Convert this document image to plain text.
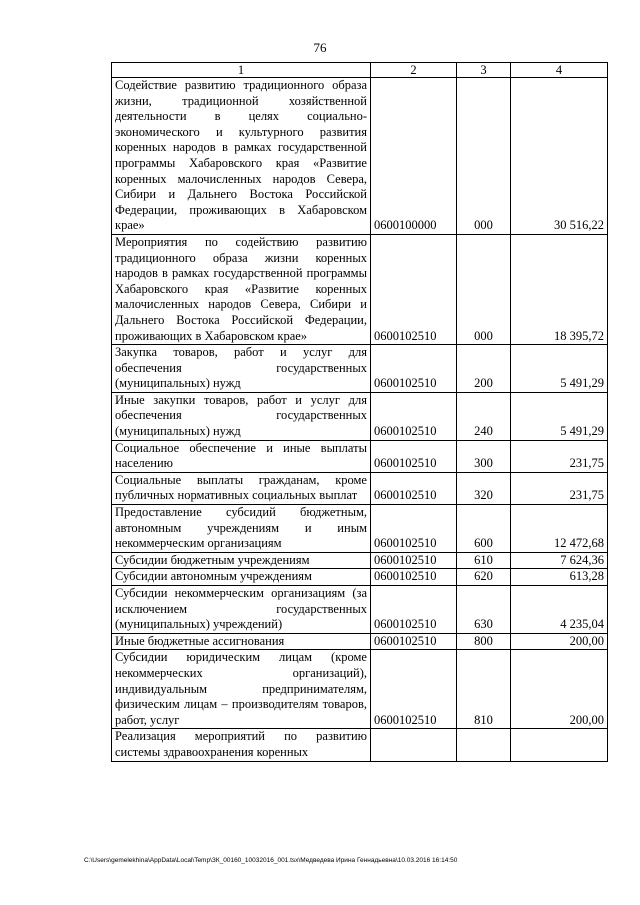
76
1	2	3	4
Содействие развитию традиционного образа жизни, традиционной хозяйственной деятельности в целях социально-экономического и культурного развития коренных народов в рамках государственной программы Хабаровского края «Развитие коренных малочисленных народов Севера, Сибири и Дальнего Востока Российской Федерации, проживающих в Хабаровском крае»	0600100000	000	30 516,22
Мероприятия по содействию развитию традиционного образа жизни коренных народов в рамках государственной программы Хабаровского края «Развитие коренных малочисленных народов Севера, Сибири и Дальнего Востока Российской Федерации, проживающих в Хабаровском крае»	0600102510	000	18 395,72
Закупка товаров, работ и услуг для обеспечения государственных (муниципальных) нужд	0600102510	200	5 491,29
Иные закупки товаров, работ и услуг для обеспечения государственных (муниципальных) нужд	0600102510	240	5 491,29
Социальное обеспечение и иные выплаты населению	0600102510	300	231,75
Социальные выплаты гражданам, кроме публичных нормативных социальных выплат	0600102510	320	231,75
Предоставление субсидий бюджетным, автономным учреждениям и иным некоммерческим организациям	0600102510	600	12 472,68
Субсидии бюджетным учреждениям	0600102510	610	7 624,36
Субсидии автономным учреждениям	0600102510	620	613,28
Субсидии некоммерческим организациям (за исключением государственных (муниципальных) учреждений)	0600102510	630	4 235,04
Иные бюджетные ассигнования	0600102510	800	200,00
Субсидии юридическим лицам (кроме некоммерческих организаций), индивидуальным предпринимателям, физическим лицам – производителям товаров, работ, услуг	0600102510	810	200,00
Реализация мероприятий по развитию системы здравоохранения коренных			
C:\Users\gemelekhina\AppData\Local\Temp\ЗК_00160_10032016_001.tsx\Медведева Ирина Геннадьевна\10.03.2016 16:14:50
